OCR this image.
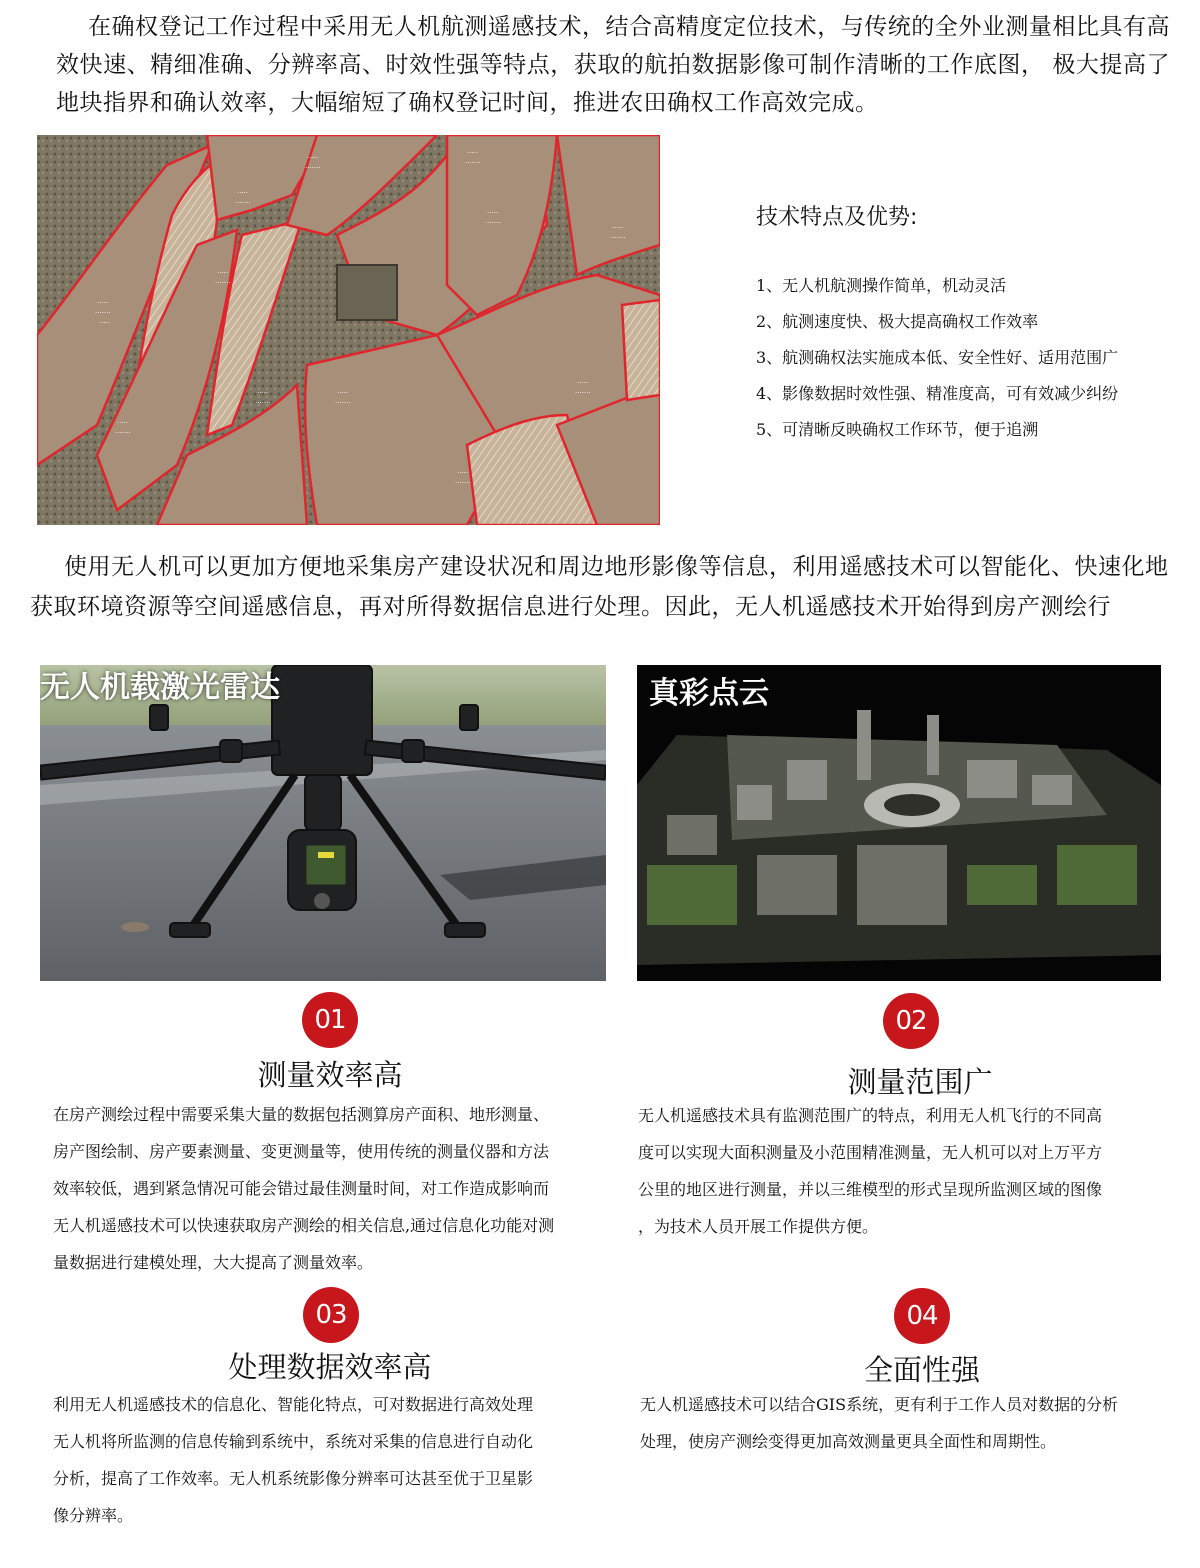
在确权登记工作过程中采用无人机航测遥感技术，结合高精度定位技术，与传统的全外业测量相比具有高效快速、精细准确、分辨率高、时效性强等特点，获取的航拍数据影像可制作清晰的工作底图， 极大提高了地块指界和确认效率，大幅缩短了确权登记时间，推进农田确权工作高效完成。
·····
·······
·····
·····
·······
·····
·······
·····
·······
·····
·······
·····
·······
·····
·······
·····
·······
·····
·······
·····
·······
·····
·······
·····
·······
技术特点及优势:
1、无人机航测操作简单，机动灵活
2、航测速度快、极大提高确权工作效率
3、航测确权法实施成本低、安全性好、适用范围广
4、影像数据时效性强、精准度高，可有效减少纠纷
5、可清晰反映确权工作环节，便于追溯
使用无人机可以更加方便地采集房产建设状况和周边地形影像等信息，利用遥感技术可以智能化、快速化地获取环境资源等空间遥感信息，再对所得数据信息进行处理。因此，无人机遥感技术开始得到房产测绘行
无人机载激光雷达	真彩点云
01
测量效率高
在房产测绘过程中需要采集大量的数据包括测算房产面积、地形测量、
房产图绘制、房产要素测量、变更测量等，使用传统的测量仪器和方法
效率较低，遇到紧急情况可能会错过最佳测量时间，对工作造成影响而
无人机遥感技术可以快速获取房产测绘的相关信息,通过信息化功能对测
量数据进行建模处理，大大提高了测量效率。
02
测量范围广
无人机遥感技术具有监测范围广的特点，利用无人机飞行的不同高
度可以实现大面积测量及小范围精准测量，无人机可以对上万平方
公里的地区进行测量，并以三维模型的形式呈现所监测区域的图像
，为技术人员开展工作提供方便。
03
处理数据效率高
利用无人机遥感技术的信息化、智能化特点，可对数据进行高效处理
无人机将所监测的信息传输到系统中，系统对采集的信息进行自动化
分析，提高了工作效率。无人机系统影像分辨率可达甚至优于卫星影
像分辨率。
04
全面性强
无人机遥感技术可以结合GIS系统，更有利于工作人员对数据的分析
处理，使房产测绘变得更加高效测量更具全面性和周期性。
